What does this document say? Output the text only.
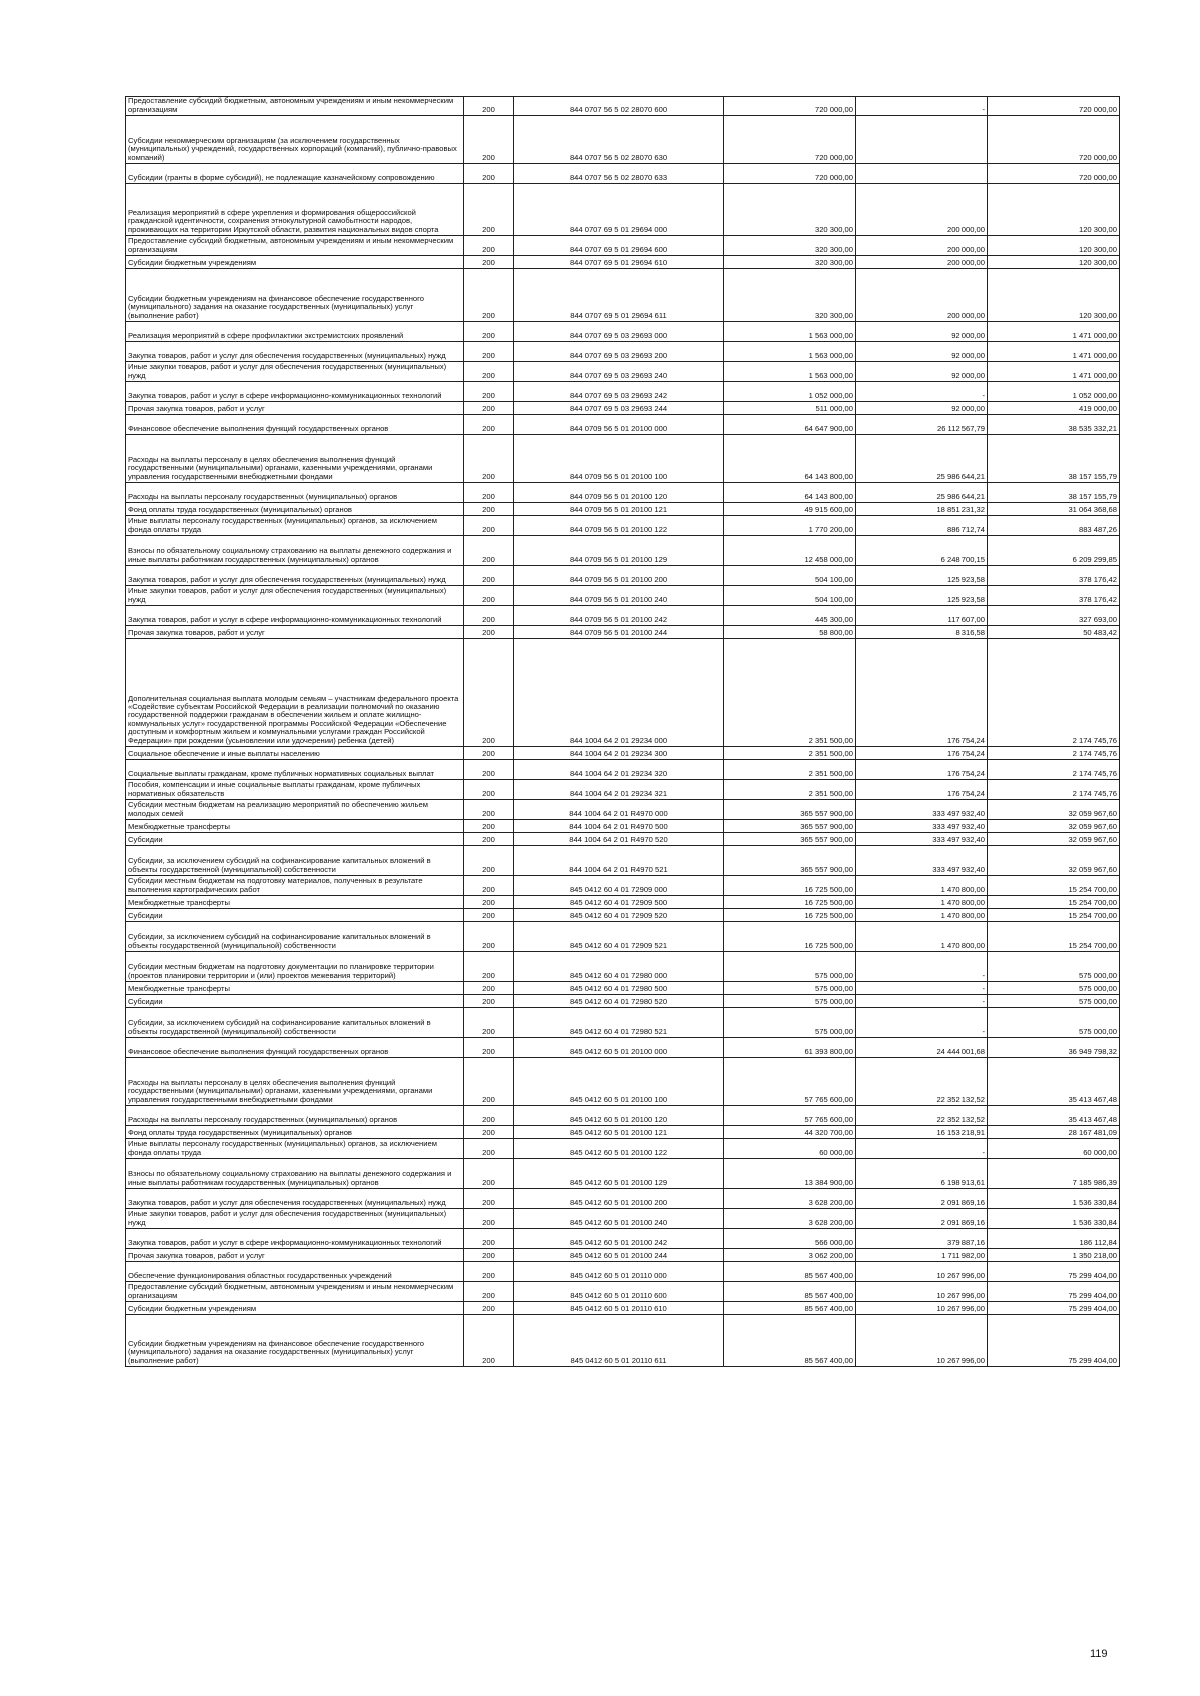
Предоставление субсидий бюджетным, автономным учреждениям и иным некоммерческим организациям	200	844 0707 56 5 02 28070 600	720 000,00	-	720 000,00
Субсидии некоммерческим организациям (за исключением государственных (муниципальных) учреждений, государственных корпораций (компаний), публично-правовых компаний)	200	844 0707 56 5 02 28070 630	720 000,00		720 000,00
Субсидии (гранты в форме субсидий), не подлежащие казначейскому сопровождению	200	844 0707 56 5 02 28070 633	720 000,00		720 000,00
Реализация мероприятий в сфере укрепления и формирования общероссийской гражданской идентичности, сохранения этнокультурной самобытности народов, проживающих на территории Иркутской области, развития национальных видов спорта	200	844 0707 69 5 01 29694 000	320 300,00	200 000,00	120 300,00
Предоставление субсидий бюджетным, автономным учреждениям и иным некоммерческим организациям	200	844 0707 69 5 01 29694 600	320 300,00	200 000,00	120 300,00
Субсидии бюджетным учреждениям	200	844 0707 69 5 01 29694 610	320 300,00	200 000,00	120 300,00
Субсидии бюджетным учреждениям на финансовое обеспечение государственного (муниципального) задания на оказание государственных (муниципальных) услуг (выполнение работ)	200	844 0707 69 5 01 29694 611	320 300,00	200 000,00	120 300,00
Реализация мероприятий в сфере профилактики экстремистских проявлений	200	844 0707 69 5 03 29693 000	1 563 000,00	92 000,00	1 471 000,00
Закупка товаров, работ и услуг для обеспечения государственных (муниципальных) нужд	200	844 0707 69 5 03 29693 200	1 563 000,00	92 000,00	1 471 000,00
Иные закупки товаров, работ и услуг для обеспечения государственных (муниципальных) нужд	200	844 0707 69 5 03 29693 240	1 563 000,00	92 000,00	1 471 000,00
Закупка товаров, работ и услуг в сфере информационно-коммуникационных технологий	200	844 0707 69 5 03 29693 242	1 052 000,00	-	1 052 000,00
Прочая закупка товаров, работ и услуг	200	844 0707 69 5 03 29693 244	511 000,00	92 000,00	419 000,00
Финансовое обеспечение выполнения функций государственных органов	200	844 0709 56 5 01 20100 000	64 647 900,00	26 112 567,79	38 535 332,21
Расходы на выплаты персоналу в целях обеспечения выполнения функций государственными (муниципальными) органами, казенными учреждениями, органами управления государственными внебюджетными фондами	200	844 0709 56 5 01 20100 100	64 143 800,00	25 986 644,21	38 157 155,79
Расходы на выплаты персоналу государственных (муниципальных) органов	200	844 0709 56 5 01 20100 120	64 143 800,00	25 986 644,21	38 157 155,79
Фонд оплаты труда государственных (муниципальных) органов	200	844 0709 56 5 01 20100 121	49 915 600,00	18 851 231,32	31 064 368,68
Иные выплаты персоналу государственных (муниципальных) органов, за исключением фонда оплаты труда	200	844 0709 56 5 01 20100 122	1 770 200,00	886 712,74	883 487,26
Взносы по обязательному социальному страхованию на выплаты денежного содержания и иные выплаты работникам государственных (муниципальных) органов	200	844 0709 56 5 01 20100 129	12 458 000,00	6 248 700,15	6 209 299,85
Закупка товаров, работ и услуг для обеспечения государственных (муниципальных) нужд	200	844 0709 56 5 01 20100 200	504 100,00	125 923,58	378 176,42
Иные закупки товаров, работ и услуг для обеспечения государственных (муниципальных) нужд	200	844 0709 56 5 01 20100 240	504 100,00	125 923,58	378 176,42
Закупка товаров, работ и услуг в сфере информационно-коммуникационных технологий	200	844 0709 56 5 01 20100 242	445 300,00	117 607,00	327 693,00
Прочая закупка товаров, работ и услуг	200	844 0709 56 5 01 20100 244	58 800,00	8 316,58	50 483,42
Дополнительная социальная выплата молодым семьям – участникам федерального проекта «Содействие субъектам Российской Федерации в реализации полномочий по оказанию государственной поддержки гражданам в обеспечении жильем и оплате жилищно-коммунальных услуг» государственной программы Российской Федерации «Обеспечение доступным и комфортным жильем и коммунальными услугами граждан Российской Федерации» при рождении (усыновлении или удочерении) ребенка (детей)	200	844 1004 64 2 01 29234 000	2 351 500,00	176 754,24	2 174 745,76
Социальное обеспечение и иные выплаты населению	200	844 1004 64 2 01 29234 300	2 351 500,00	176 754,24	2 174 745,76
Социальные выплаты гражданам, кроме публичных нормативных социальных выплат	200	844 1004 64 2 01 29234 320	2 351 500,00	176 754,24	2 174 745,76
Пособия, компенсации и иные социальные выплаты гражданам, кроме публичных нормативных обязательств	200	844 1004 64 2 01 29234 321	2 351 500,00	176 754,24	2 174 745,76
Субсидии местным бюджетам на реализацию мероприятий по обеспечению жильем молодых семей	200	844 1004 64 2 01 R4970 000	365 557 900,00	333 497 932,40	32 059 967,60
Межбюджетные трансферты	200	844 1004 64 2 01 R4970 500	365 557 900,00	333 497 932,40	32 059 967,60
Субсидии	200	844 1004 64 2 01 R4970 520	365 557 900,00	333 497 932,40	32 059 967,60
Субсидии, за исключением субсидий на софинансирование капитальных вложений в объекты государственной (муниципальной) собственности	200	844 1004 64 2 01 R4970 521	365 557 900,00	333 497 932,40	32 059 967,60
Субсидии местным бюджетам на подготовку материалов, полученных в результате выполнения картографических работ	200	845 0412 60 4 01 72909 000	16 725 500,00	1 470 800,00	15 254 700,00
Межбюджетные трансферты	200	845 0412 60 4 01 72909 500	16 725 500,00	1 470 800,00	15 254 700,00
Субсидии	200	845 0412 60 4 01 72909 520	16 725 500,00	1 470 800,00	15 254 700,00
Субсидии, за исключением субсидий на софинансирование капитальных вложений в объекты государственной (муниципальной) собственности	200	845 0412 60 4 01 72909 521	16 725 500,00	1 470 800,00	15 254 700,00
Субсидии местным бюджетам на подготовку документации по планировке территории (проектов планировки территории и (или) проектов межевания территорий)	200	845 0412 60 4 01 72980 000	575 000,00	-	575 000,00
Межбюджетные трансферты	200	845 0412 60 4 01 72980 500	575 000,00	-	575 000,00
Субсидии	200	845 0412 60 4 01 72980 520	575 000,00	-	575 000,00
Субсидии, за исключением субсидий на софинансирование капитальных вложений в объекты государственной (муниципальной) собственности	200	845 0412 60 4 01 72980 521	575 000,00	-	575 000,00
Финансовое обеспечение выполнения функций государственных органов	200	845 0412 60 5 01 20100 000	61 393 800,00	24 444 001,68	36 949 798,32
Расходы на выплаты персоналу в целях обеспечения выполнения функций государственными (муниципальными) органами, казенными учреждениями, органами управления государственными внебюджетными фондами	200	845 0412 60 5 01 20100 100	57 765 600,00	22 352 132,52	35 413 467,48
Расходы на выплаты персоналу государственных (муниципальных) органов	200	845 0412 60 5 01 20100 120	57 765 600,00	22 352 132,52	35 413 467,48
Фонд оплаты труда государственных (муниципальных) органов	200	845 0412 60 5 01 20100 121	44 320 700,00	16 153 218,91	28 167 481,09
Иные выплаты персоналу государственных (муниципальных) органов, за исключением фонда оплаты труда	200	845 0412 60 5 01 20100 122	60 000,00	-	60 000,00
Взносы по обязательному социальному страхованию на выплаты денежного содержания и иные выплаты работникам государственных (муниципальных) органов	200	845 0412 60 5 01 20100 129	13 384 900,00	6 198 913,61	7 185 986,39
Закупка товаров, работ и услуг для обеспечения государственных (муниципальных) нужд	200	845 0412 60 5 01 20100 200	3 628 200,00	2 091 869,16	1 536 330,84
Иные закупки товаров, работ и услуг для обеспечения государственных (муниципальных) нужд	200	845 0412 60 5 01 20100 240	3 628 200,00	2 091 869,16	1 536 330,84
Закупка товаров, работ и услуг в сфере информационно-коммуникационных технологий	200	845 0412 60 5 01 20100 242	566 000,00	379 887,16	186 112,84
Прочая закупка товаров, работ и услуг	200	845 0412 60 5 01 20100 244	3 062 200,00	1 711 982,00	1 350 218,00
Обеспечение функционирования областных государственных учреждений	200	845 0412 60 5 01 20110 000	85 567 400,00	10 267 996,00	75 299 404,00
Предоставление субсидий бюджетным, автономным учреждениям и иным некоммерческим организациям	200	845 0412 60 5 01 20110 600	85 567 400,00	10 267 996,00	75 299 404,00
Субсидии бюджетным учреждениям	200	845 0412 60 5 01 20110 610	85 567 400,00	10 267 996,00	75 299 404,00
Субсидии бюджетным учреждениям на финансовое обеспечение государственного (муниципального) задания на оказание государственных (муниципальных) услуг (выполнение работ)	200	845 0412 60 5 01 20110 611	85 567 400,00	10 267 996,00	75 299 404,00
119
